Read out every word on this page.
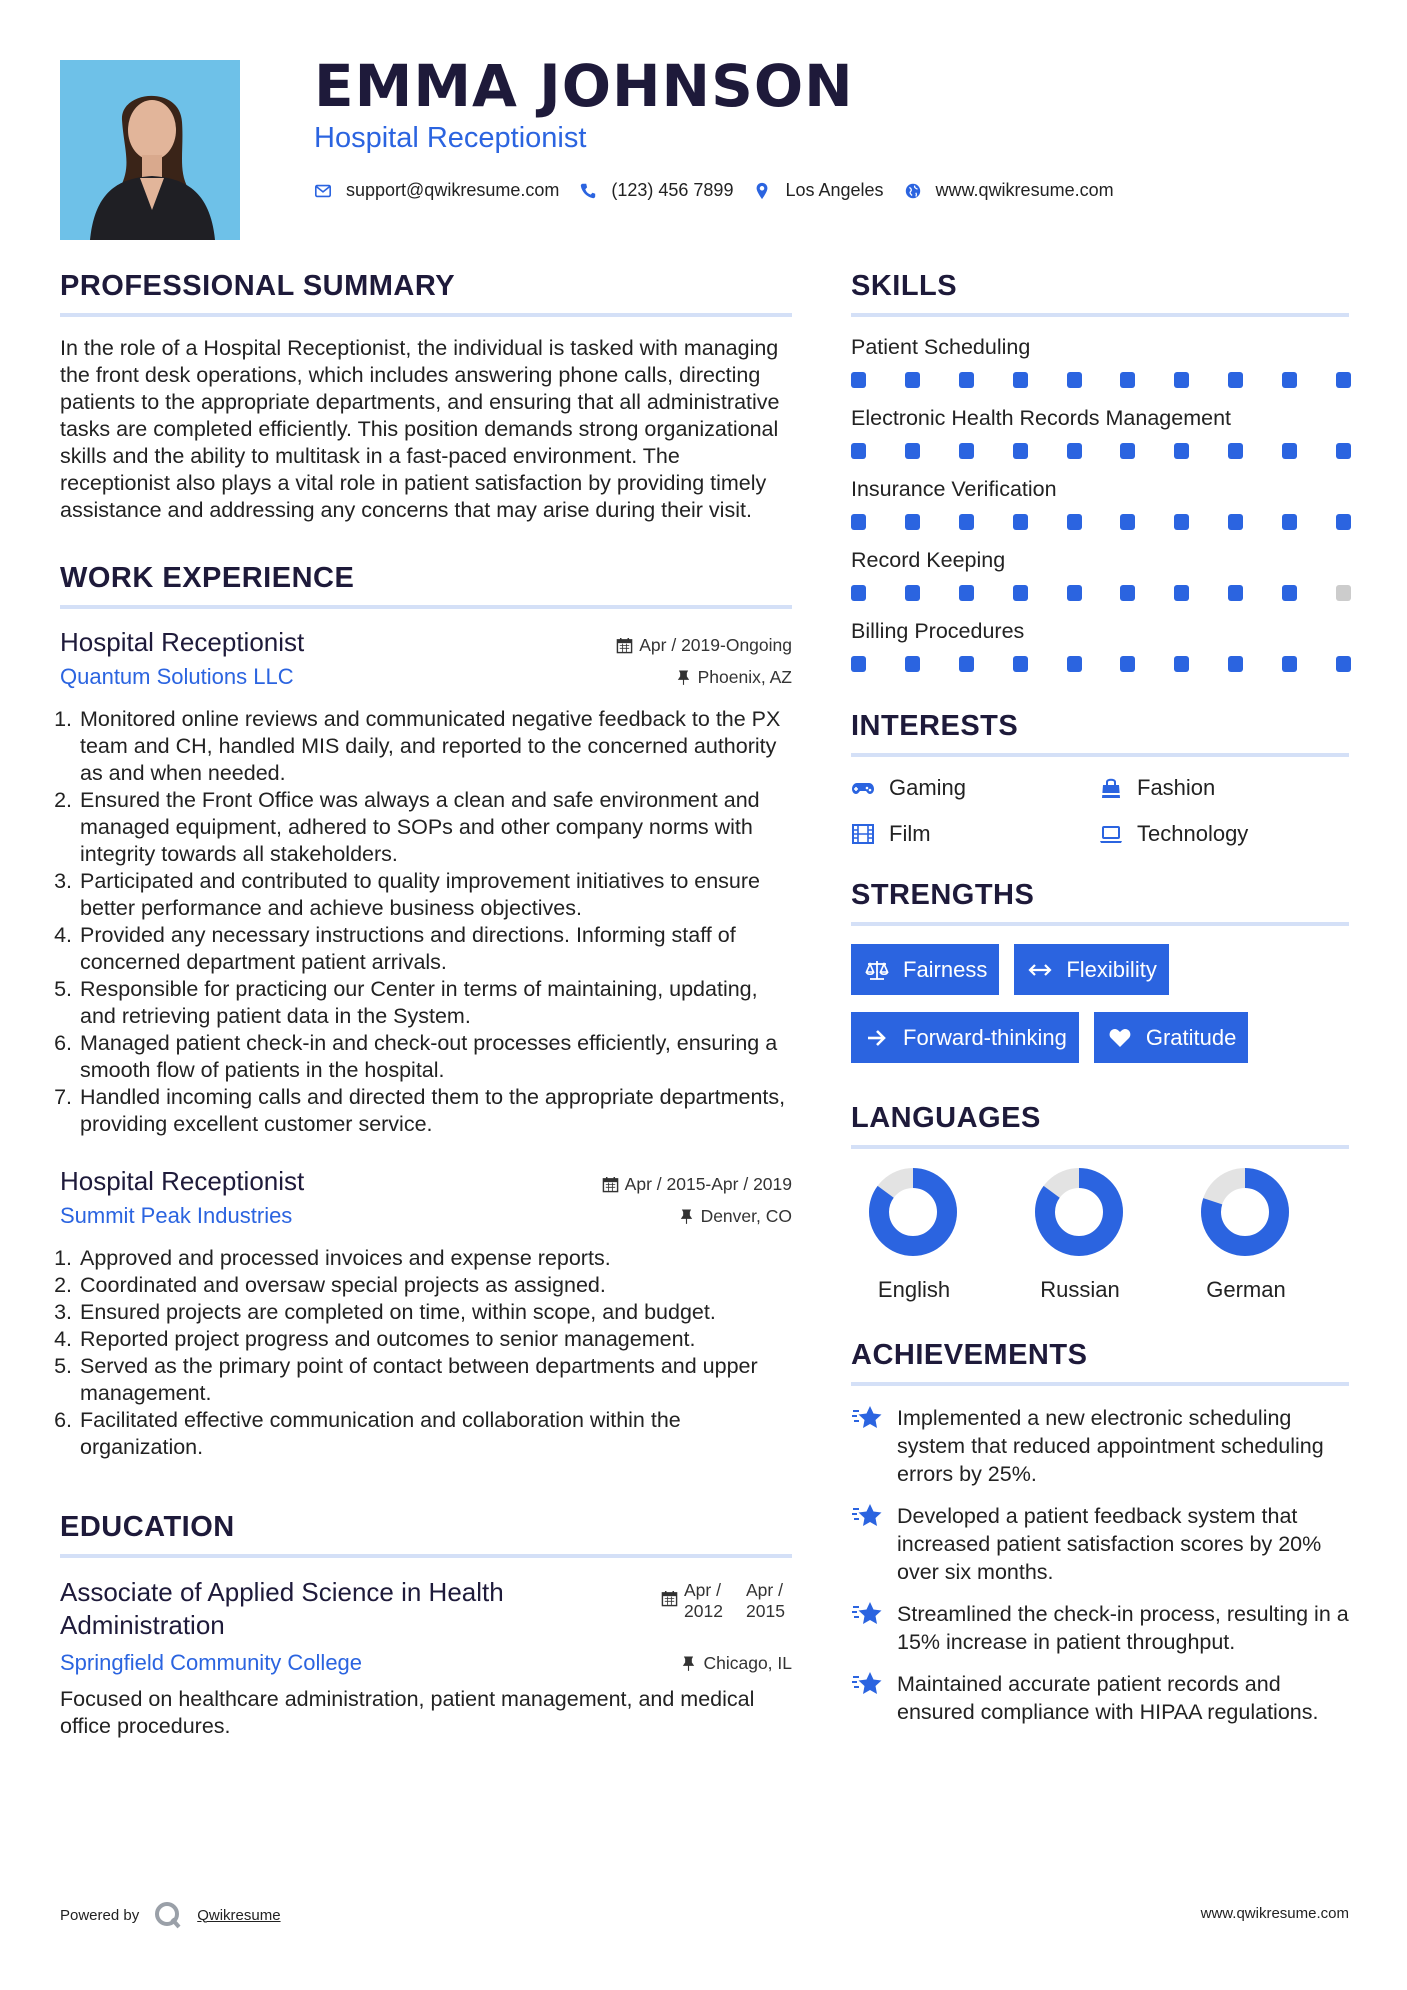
EMMA JOHNSON
Hospital Receptionist
support@qwikresume.com	(123) 456 7899	Los Angeles	www.qwikresume.com
PROFESSIONAL SUMMARY
In the role of a Hospital Receptionist, the individual is tasked with managing the front desk operations, which includes answering phone calls, directing patients to the appropriate departments, and ensuring that all administrative tasks are completed efficiently. This position demands strong organizational skills and the ability to multitask in a fast-paced environment. The receptionist also plays a vital role in patient satisfaction by providing timely assistance and addressing any concerns that may arise during their visit.
WORK EXPERIENCE
Hospital Receptionist	Apr / 2019-Ongoing
Quantum Solutions LLC	Phoenix, AZ
1. Monitored online reviews and communicated negative feedback to the PX team and CH, handled MIS daily, and reported to the concerned authority as and when needed.
2. Ensured the Front Office was always a clean and safe environment and managed equipment, adhered to SOPs and other company norms with integrity towards all stakeholders.
3. Participated and contributed to quality improvement initiatives to ensure better performance and achieve business objectives.
4. Provided any necessary instructions and directions. Informing staff of concerned department patient arrivals.
5. Responsible for practicing our Center in terms of maintaining, updating, and retrieving patient data in the System.
6. Managed patient check-in and check-out processes efficiently, ensuring a smooth flow of patients in the hospital.
7. Handled incoming calls and directed them to the appropriate departments, providing excellent customer service.
Hospital Receptionist	Apr / 2015-Apr / 2019
Summit Peak Industries	Denver, CO
1. Approved and processed invoices and expense reports.
2. Coordinated and oversaw special projects as assigned.
3. Ensured projects are completed on time, within scope, and budget.
4. Reported project progress and outcomes to senior management.
5. Served as the primary point of contact between departments and upper management.
6. Facilitated effective communication and collaboration within the organization.
EDUCATION
Associate of Applied Science in Health Administration
Apr / 2012
Apr / 2015
Springfield Community College	Chicago, IL
Focused on healthcare administration, patient management, and medical office procedures.
SKILLS
Patient Scheduling
Electronic Health Records Management
Insurance Verification
Record Keeping
Billing Procedures
INTERESTS
Gaming	Fashion
Film	Technology
STRENGTHS
Fairness	Flexibility
Forward-thinking	Gratitude
LANGUAGES
English	Russian	German
ACHIEVEMENTS
Implemented a new electronic scheduling system that reduced appointment scheduling errors by 25%.
Developed a patient feedback system that increased patient satisfaction scores by 20% over six months.
Streamlined the check-in process, resulting in a 15% increase in patient throughput.
Maintained accurate patient records and ensured compliance with HIPAA regulations.
Powered by	Qwikresume	www.qwikresume.com
